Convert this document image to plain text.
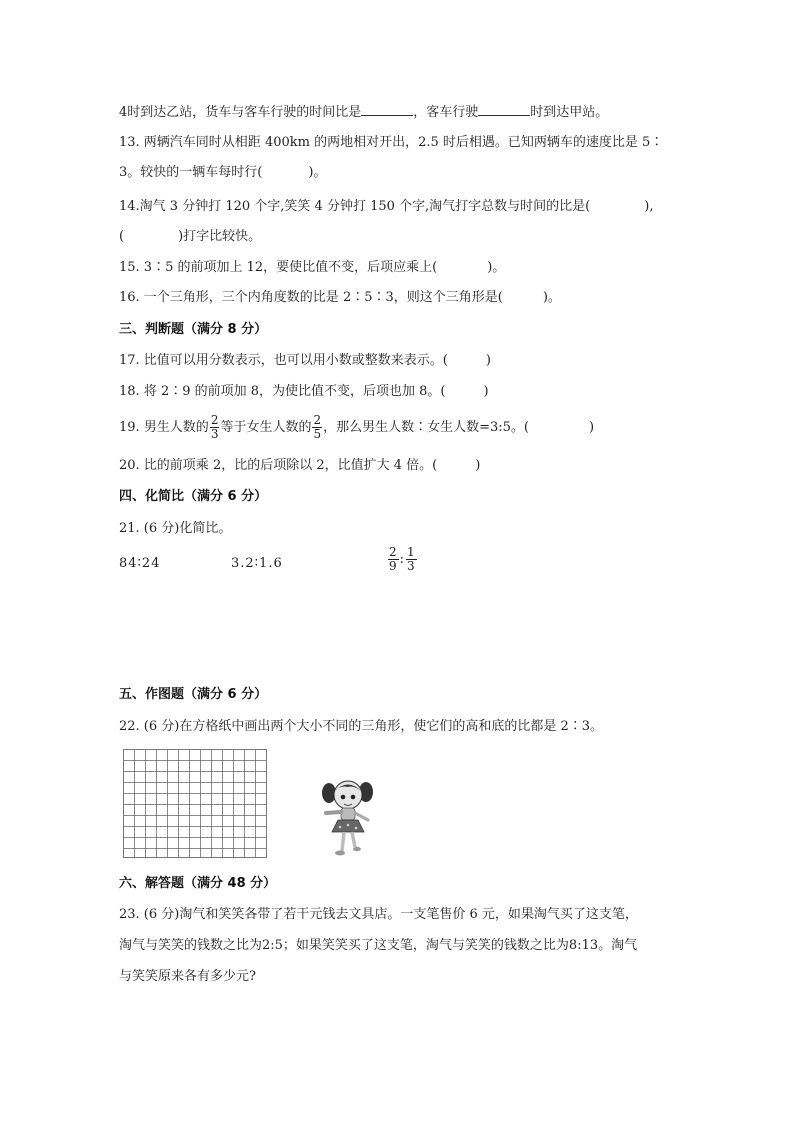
4时到达乙站，货车与客车行驶的时间比是	，客车行驶	时到达甲站。
13. 两辆汽车同时从相距 400km 的两地相对开出，2.5 时后相遇。已知两辆车的速度比是 5∶
3。较快的一辆车每时行(	)。
14.淘气 3 分钟打 120 个字,笑笑 4 分钟打 150 个字,淘气打字总数与时间的比是(	),
(	)打字比较快。
15. 3∶5 的前项加上 12，要使比值不变，后项应乘上(	)。
16. 一个三角形，三个内角度数的比是 2∶5∶3，则这个三角形是(	)。
三、判断题（满分 8 分）
17. 比值可以用分数表示，也可以用小数或整数来表示。(	)
18. 将 2∶9 的前项加 8，为使比值不变，后项也加 8。(	)
19. 男生人数的 $\frac{2}{3}$ 等于女生人数的 $\frac{2}{5}$ ，那么男生人数∶女生人数=3:5。(	)
20. 比的前项乘 2，比的后项除以 2，比值扩大 4 倍。(	)
四、化简比（满分 6 分）
21. (6 分)化简比。
84∶24	3.2∶1.6	$\frac{2}{9}$ : $\frac{1}{3}$
五、作图题（满分 6 分）
22. (6 分)在方格纸中画出两个大小不同的三角形，使它们的高和底的比都是 2∶3。
六、解答题（满分 48 分）
23. (6 分)淘气和笑笑各带了若干元钱去文具店。一支笔售价 6 元，如果淘气买了这支笔，
淘气与笑笑的钱数之比为2:5；如果笑笑买了这支笔，淘气与笑笑的钱数之比为8:13。淘气
与笑笑原来各有多少元?
